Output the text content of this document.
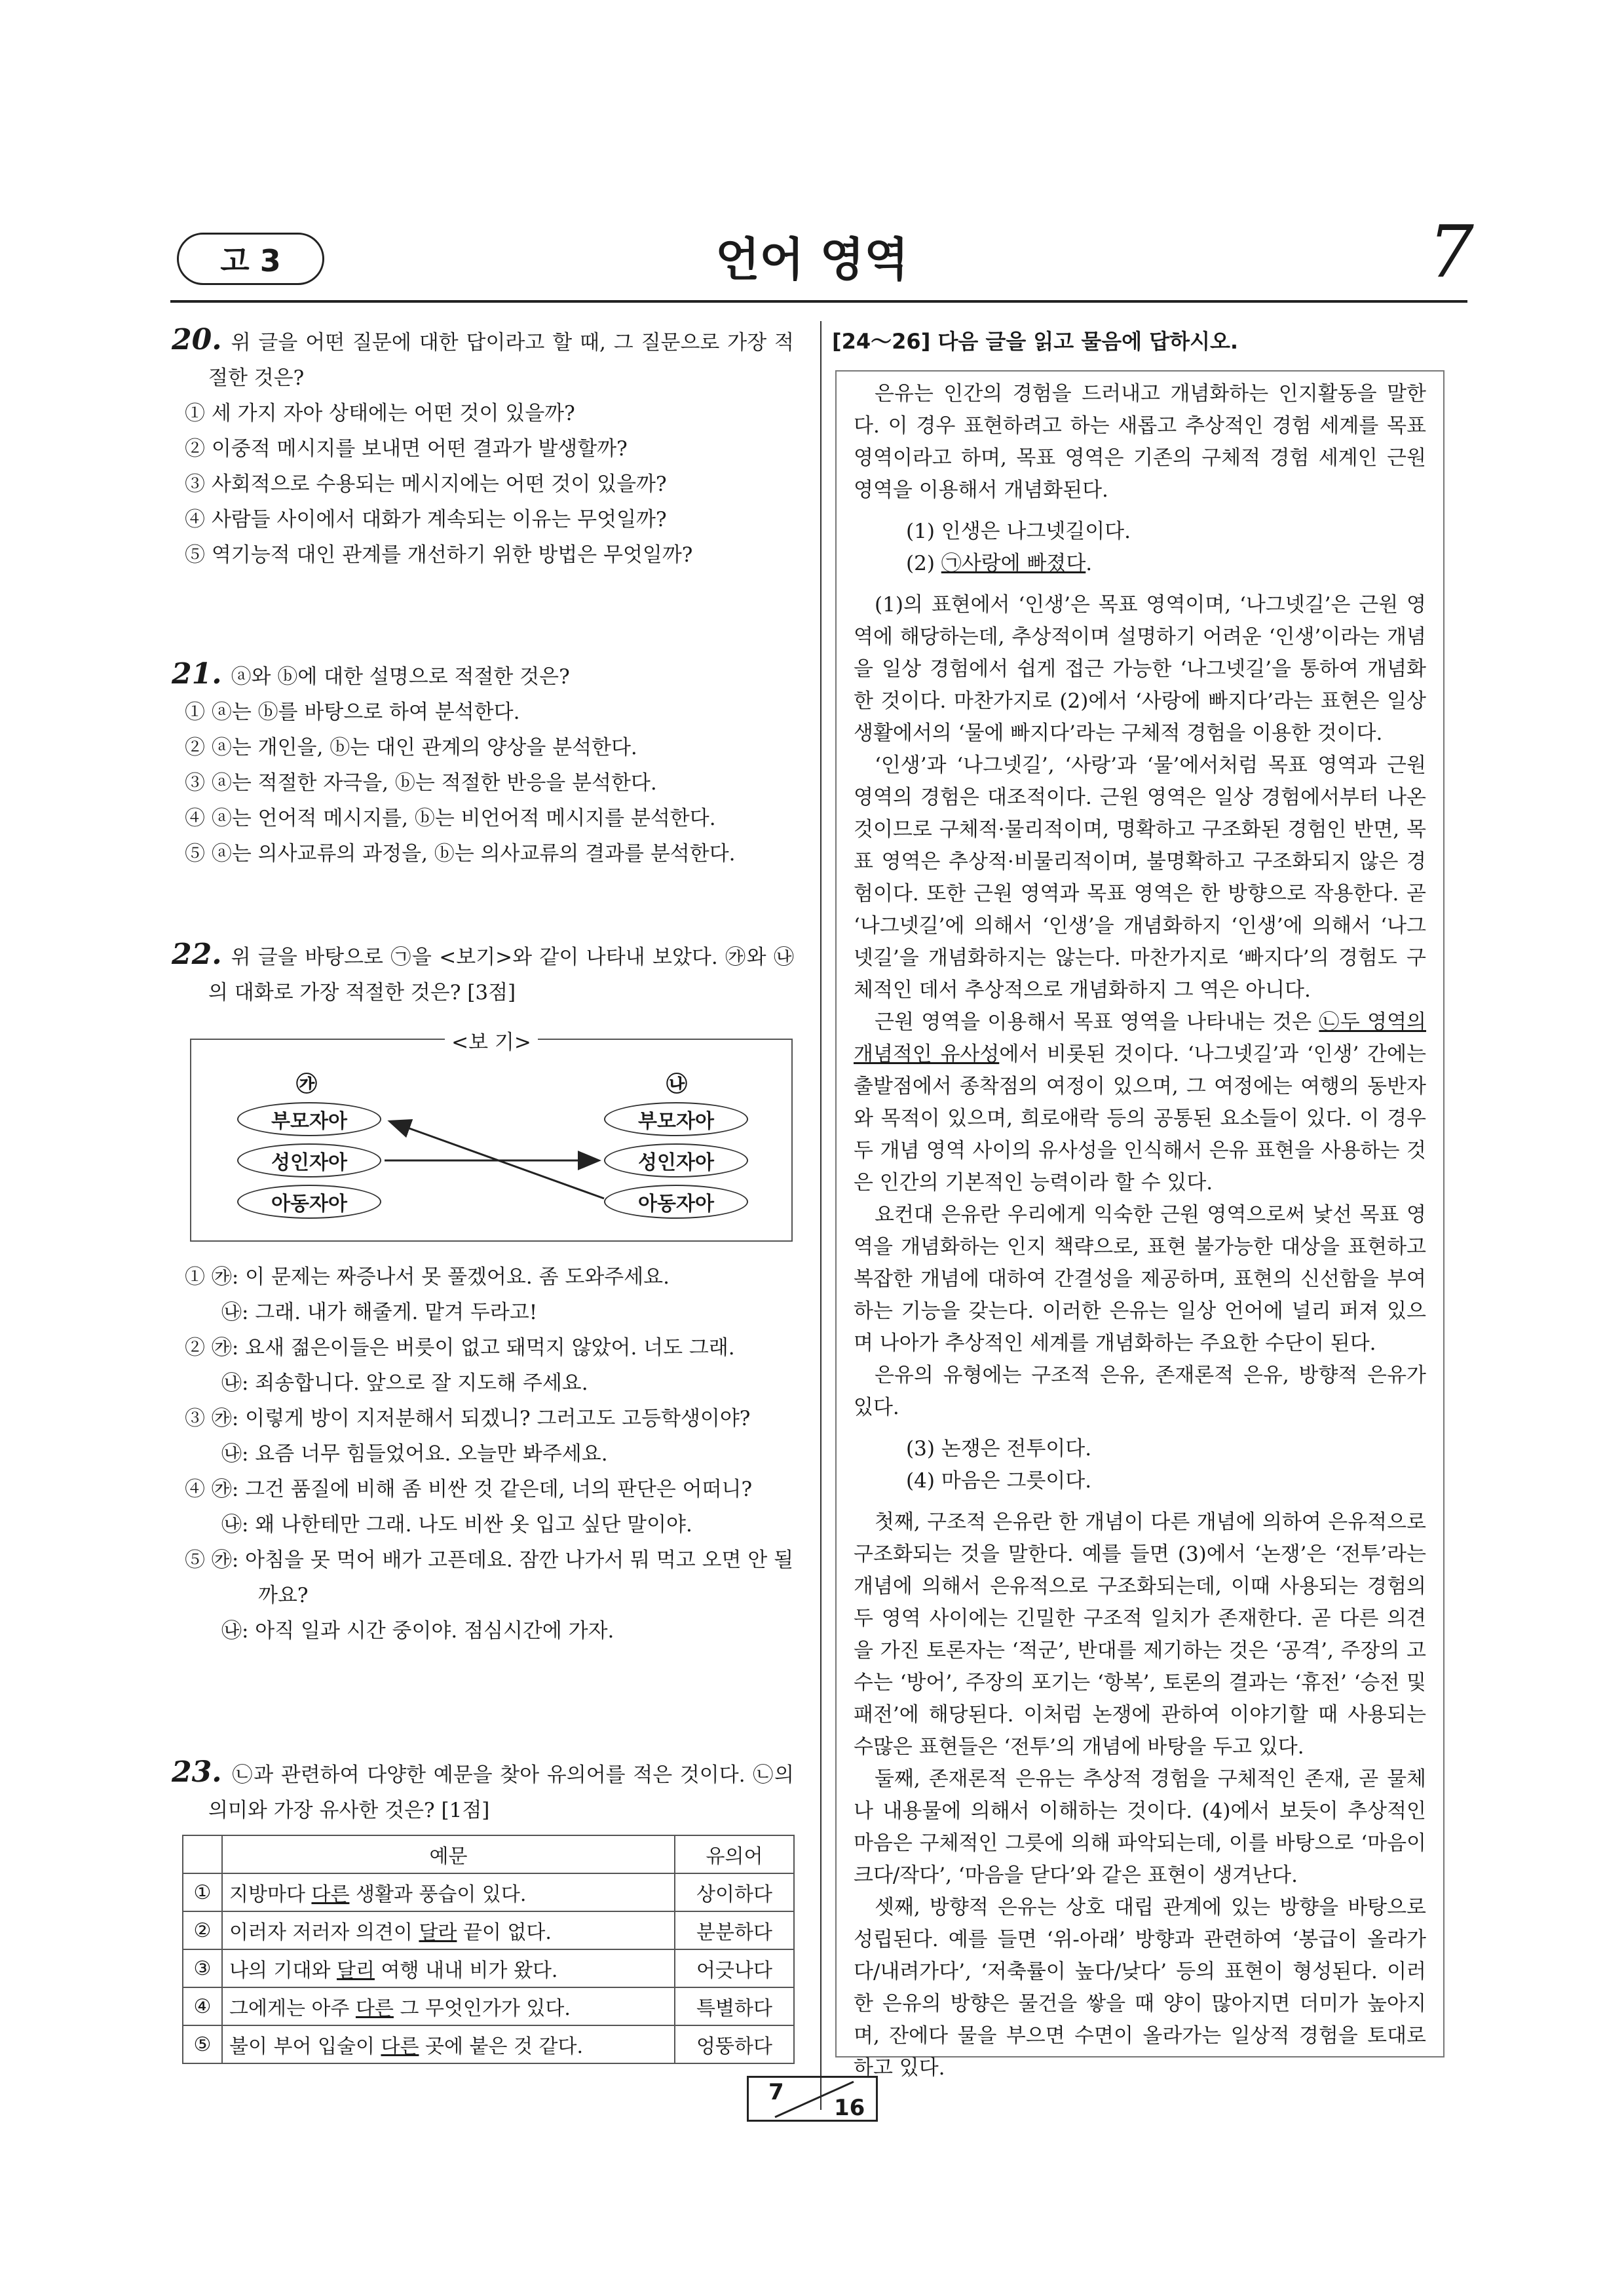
고 3	언어 영역	7
20. 위 글을 어떤 질문에 대한 답이라고 할 때, 그 질문으로 가장 적절한 것은?
① 세 가지 자아 상태에는 어떤 것이 있을까?
② 이중적 메시지를 보내면 어떤 결과가 발생할까?
③ 사회적으로 수용되는 메시지에는 어떤 것이 있을까?
④ 사람들 사이에서 대화가 계속되는 이유는 무엇일까?
⑤ 역기능적 대인 관계를 개선하기 위한 방법은 무엇일까?
21. ⓐ와 ⓑ에 대한 설명으로 적절한 것은?
① ⓐ는 ⓑ를 바탕으로 하여 분석한다.
② ⓐ는 개인을, ⓑ는 대인 관계의 양상을 분석한다.
③ ⓐ는 적절한 자극을, ⓑ는 적절한 반응을 분석한다.
④ ⓐ는 언어적 메시지를, ⓑ는 비언어적 메시지를 분석한다.
⑤ ⓐ는 의사교류의 과정을, ⓑ는 의사교류의 결과를 분석한다.
22. 위 글을 바탕으로 ㉠을 <보기>와 같이 나타내 보았다. ㉮와 ㉯의 대화로 가장 적절한 것은? [3점]
<보 기>
㉮	㉯
부모자아
성인자아
아동자아
부모자아
성인자아
아동자아
① ㉮: 이 문제는 짜증나서 못 풀겠어요. 좀 도와주세요.
㉯: 그래. 내가 해줄게. 맡겨 두라고!
② ㉮: 요새 젊은이들은 버릇이 없고 돼먹지 않았어. 너도 그래.
㉯: 죄송합니다. 앞으로 잘 지도해 주세요.
③ ㉮: 이렇게 방이 지저분해서 되겠니? 그러고도 고등학생이야?
㉯: 요즘 너무 힘들었어요. 오늘만 봐주세요.
④ ㉮: 그건 품질에 비해 좀 비싼 것 같은데, 너의 판단은 어떠니?
㉯: 왜 나한테만 그래. 나도 비싼 옷 입고 싶단 말이야.
⑤ ㉮: 아침을 못 먹어 배가 고픈데요. 잠깐 나가서 뭐 먹고 오면 안 될까요?
㉯: 아직 일과 시간 중이야. 점심시간에 가자.
23. ㉡과 관련하여 다양한 예문을 찾아 유의어를 적은 것이다. ㉡의 의미와 가장 유사한 것은? [1점]
	예문	유의어
①	지방마다 다른 생활과 풍습이 있다.	상이하다
②	이러자 저러자 의견이 달라 끝이 없다.	분분하다
③	나의 기대와 달리 여행 내내 비가 왔다.	어긋나다
④	그에게는 아주 다른 그 무엇인가가 있다.	특별하다
⑤	불이 부어 입술이 다른 곳에 붙은 것 같다.	엉뚱하다
[24～26] 다음 글을 읽고 물음에 답하시오.

은유는 인간의 경험을 드러내고 개념화하는 인지활동을 말한다. 이 경우 표현하려고 하는 새롭고 추상적인 경험 세계를 목표 영역이라고 하며, 목표 영역은 기존의 구체적 경험 세계인 근원 영역을 이용해서 개념화된다.

(1) 인생은 나그넷길이다.

(2) ㉠사랑에 빠졌다.

(1)의 표현에서 ‘인생’은 목표 영역이며, ‘나그넷길’은 근원 영역에 해당하는데, 추상적이며 설명하기 어려운 ‘인생’이라는 개념을 일상 경험에서 쉽게 접근 가능한 ‘나그넷길’을 통하여 개념화한 것이다. 마찬가지로 (2)에서 ‘사랑에 빠지다’라는 표현은 일상생활에서의 ‘물에 빠지다’라는 구체적 경험을 이용한 것이다.

‘인생’과 ‘나그넷길’, ‘사랑’과 ‘물’에서처럼 목표 영역과 근원 영역의 경험은 대조적이다. 근원 영역은 일상 경험에서부터 나온 것이므로 구체적·물리적이며, 명확하고 구조화된 경험인 반면, 목표 영역은 추상적·비물리적이며, 불명확하고 구조화되지 않은 경험이다. 또한 근원 영역과 목표 영역은 한 방향으로 작용한다. 곧 ‘나그넷길’에 의해서 ‘인생’을 개념화하지 ‘인생’에 의해서 ‘나그넷길’을 개념화하지는 않는다. 마찬가지로 ‘빠지다’의 경험도 구체적인 데서 추상적으로 개념화하지 그 역은 아니다.

근원 영역을 이용해서 목표 영역을 나타내는 것은 ㉡두 영역의 개념적인 유사성에서 비롯된 것이다. ‘나그넷길’과 ‘인생’ 간에는 출발점에서 종착점의 여정이 있으며, 그 여정에는 여행의 동반자와 목적이 있으며, 희로애락 등의 공통된 요소들이 있다. 이 경우 두 개념 영역 사이의 유사성을 인식해서 은유 표현을 사용하는 것은 인간의 기본적인 능력이라 할 수 있다.

요컨대 은유란 우리에게 익숙한 근원 영역으로써 낯선 목표 영역을 개념화하는 인지 책략으로, 표현 불가능한 대상을 표현하고 복잡한 개념에 대하여 간결성을 제공하며, 표현의 신선함을 부여하는 기능을 갖는다. 이러한 은유는 일상 언어에 널리 퍼져 있으며 나아가 추상적인 세계를 개념화하는 주요한 수단이 된다.

은유의 유형에는 구조적 은유, 존재론적 은유, 방향적 은유가 있다.

(3) 논쟁은 전투이다.

(4) 마음은 그릇이다.

첫째, 구조적 은유란 한 개념이 다른 개념에 의하여 은유적으로 구조화되는 것을 말한다. 예를 들면 (3)에서 ‘논쟁’은 ‘전투’라는 개념에 의해서 은유적으로 구조화되는데, 이때 사용되는 경험의 두 영역 사이에는 긴밀한 구조적 일치가 존재한다. 곧 다른 의견을 가진 토론자는 ‘적군’, 반대를 제기하는 것은 ‘공격’, 주장의 고수는 ‘방어’, 주장의 포기는 ‘항복’, 토론의 결과는 ‘휴전’ ‘승전 및 패전’에 해당된다. 이처럼 논쟁에 관하여 이야기할 때 사용되는 수많은 표현들은 ‘전투’의 개념에 바탕을 두고 있다.

둘째, 존재론적 은유는 추상적 경험을 구체적인 존재, 곧 물체나 내용물에 의해서 이해하는 것이다. (4)에서 보듯이 추상적인 마음은 구체적인 그릇에 의해 파악되는데, 이를 바탕으로 ‘마음이 크다/작다’, ‘마음을 닫다’와 같은 표현이 생겨난다.

셋째, 방향적 은유는 상호 대립 관계에 있는 방향을 바탕으로 성립된다. 예를 들면 ‘위-아래’ 방향과 관련하여 ‘봉급이 올라가다/내려가다’, ‘저축률이 높다/낮다’ 등의 표현이 형성된다. 이러한 은유의 방향은 물건을 쌓을 때 양이 많아지면 더미가 높아지며, 잔에다 물을 부으면 수면이 올라가는 일상적 경험을 토대로 하고 있다.

7
16
